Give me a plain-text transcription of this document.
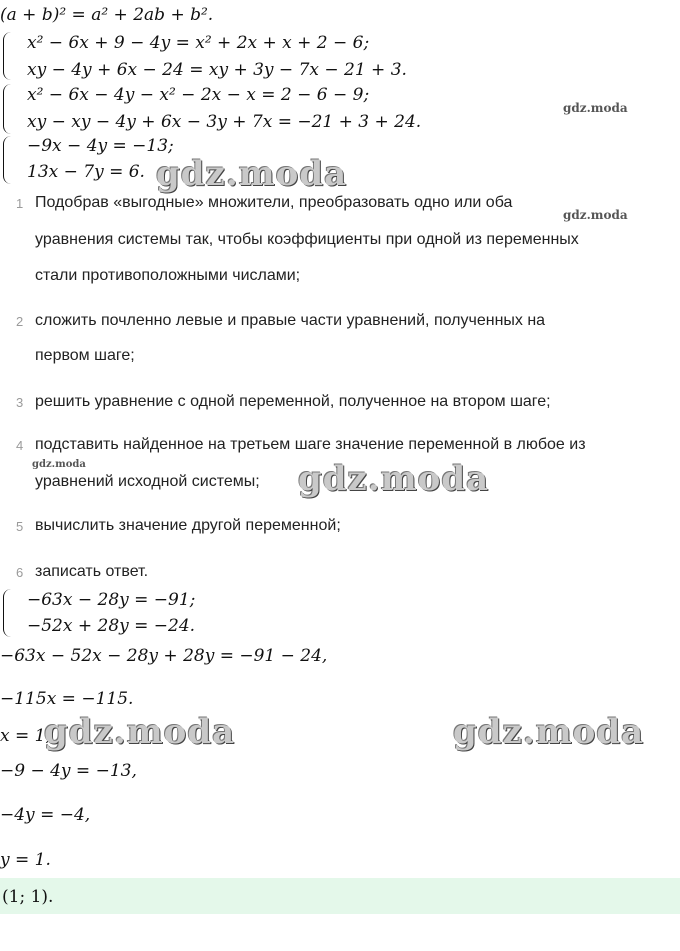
(a + b)² = a² + 2ab + b².
x² − 6x + 9 − 4y = x² + 2x + x + 2 − 6;
xy − 4y + 6x − 24 = xy + 3y − 7x − 21 + 3.
x² − 6x − 4y − x² − 2x − x = 2 − 6 − 9;
xy − xy − 4y + 6x − 3y + 7x = −21 + 3 + 24.
−9x − 4y = −13;
13x − 7y = 6.
1 Подобрав «выгодные» множители, преобразовать одно или оба
уравнения системы так, чтобы коэффициенты при одной из переменных
стали противоположными числами;
2 сложить почленно левые и правые части уравнений, полученных на
первом шаге;
3 решить уравнение с одной переменной, полученное на втором шаге;
4 подставить найденное на третьем шаге значение переменной в любое из
уравнений исходной системы;
5 вычислить значение другой переменной;
6 записать ответ.
−63x − 28y = −91;
−52x + 28y = −24.
−63x − 52x − 28y + 28y = −91 − 24,
−115x = −115.
x = 1,
−9 − 4y = −13,
−4y = −4,
y = 1.
(1; 1).
gdz.moda
gdz.moda
gdz.moda
gdz.moda	gdz.moda
gdz.moda	gdz.moda
